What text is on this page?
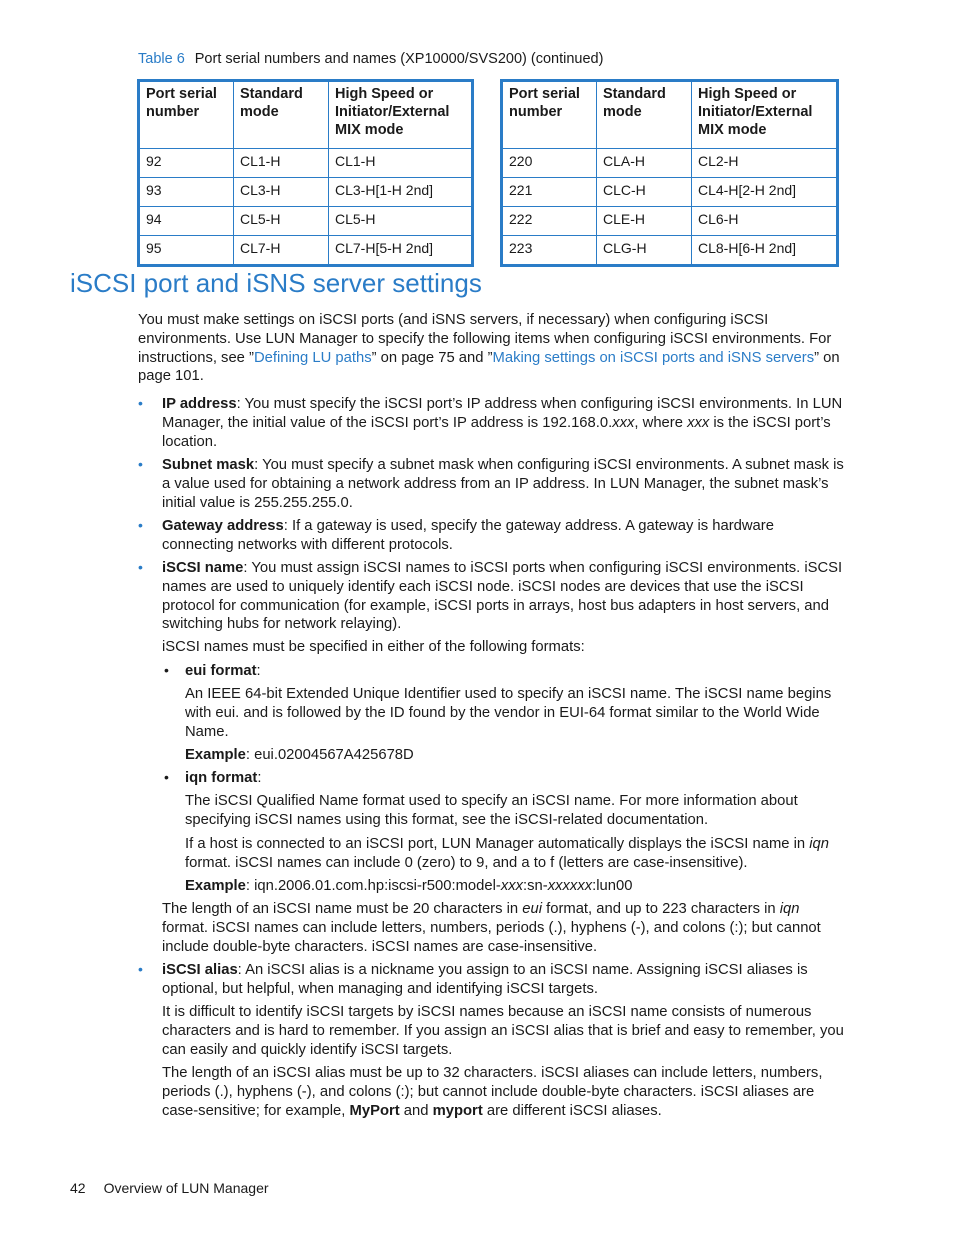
Table 6 Port serial numbers and names (XP10000/SVS200) (continued)
Port serial number	Standard mode	High Speed or Initiator/External MIX mode
92	CL1-H	CL1-H
93	CL3-H	CL3-H[1-H 2nd]
94	CL5-H	CL5-H
95	CL7-H	CL7-H[5-H 2nd]
Port serial number	Standard mode	High Speed or Initiator/External MIX mode
220	CLA-H	CL2-H
221	CLC-H	CL4-H[2-H 2nd]
222	CLE-H	CL6-H
223	CLG-H	CL8-H[6-H 2nd]
iSCSI port and iSNS server settings
You must make settings on iSCSI ports (and iSNS servers, if necessary) when configuring iSCSI environments. Use LUN Manager to specify the following items when configuring iSCSI environments. For instructions, see ”Defining LU paths” on page 75 and ”Making settings on iSCSI ports and iSNS servers” on page 101.
• IP address: You must specify the iSCSI port’s IP address when configuring iSCSI environments. In LUN Manager, the initial value of the iSCSI port’s IP address is 192.168.0.xxx, where xxx is the iSCSI port’s location.
• Subnet mask: You must specify a subnet mask when configuring iSCSI environments. A subnet mask is a value used for obtaining a network address from an IP address. In LUN Manager, the subnet mask’s initial value is 255.255.255.0.
• Gateway address: If a gateway is used, specify the gateway address. A gateway is hardware connecting networks with different protocols.
• iSCSI name: You must assign iSCSI names to iSCSI ports when configuring iSCSI environments. iSCSI names are used to uniquely identify each iSCSI node. iSCSI nodes are devices that use the iSCSI protocol for communication (for example, iSCSI ports in arrays, host bus adapters in host servers, and switching hubs for network relaying).
iSCSI names must be specified in either of the following formats:
• eui format:
An IEEE 64-bit Extended Unique Identifier used to specify an iSCSI name. The iSCSI name begins with eui. and is followed by the ID found by the vendor in EUI-64 format similar to the World Wide Name.
Example: eui.02004567A425678D
• iqn format:
The iSCSI Qualified Name format used to specify an iSCSI name. For more information about specifying iSCSI names using this format, see the iSCSI-related documentation.
If a host is connected to an iSCSI port, LUN Manager automatically displays the iSCSI name in iqn format. iSCSI names can include 0 (zero) to 9, and a to f (letters are case-insensitive).
Example: iqn.2006.01.com.hp:iscsi-r500:model-xxx:sn-xxxxxx:lun00
The length of an iSCSI name must be 20 characters in eui format, and up to 223 characters in iqn format. iSCSI names can include letters, numbers, periods (.), hyphens (-), and colons (:); but cannot include double-byte characters. iSCSI names are case-insensitive.
• iSCSI alias: An iSCSI alias is a nickname you assign to an iSCSI name. Assigning iSCSI aliases is optional, but helpful, when managing and identifying iSCSI targets.
It is difficult to identify iSCSI targets by iSCSI names because an iSCSI name consists of numerous characters and is hard to remember. If you assign an iSCSI alias that is brief and easy to remember, you can easily and quickly identify iSCSI targets.
The length of an iSCSI alias must be up to 32 characters. iSCSI aliases can include letters, numbers, periods (.), hyphens (-), and colons (:); but cannot include double-byte characters. iSCSI aliases are case-sensitive; for example, MyPort and myport are different iSCSI aliases.
42 Overview of LUN Manager
